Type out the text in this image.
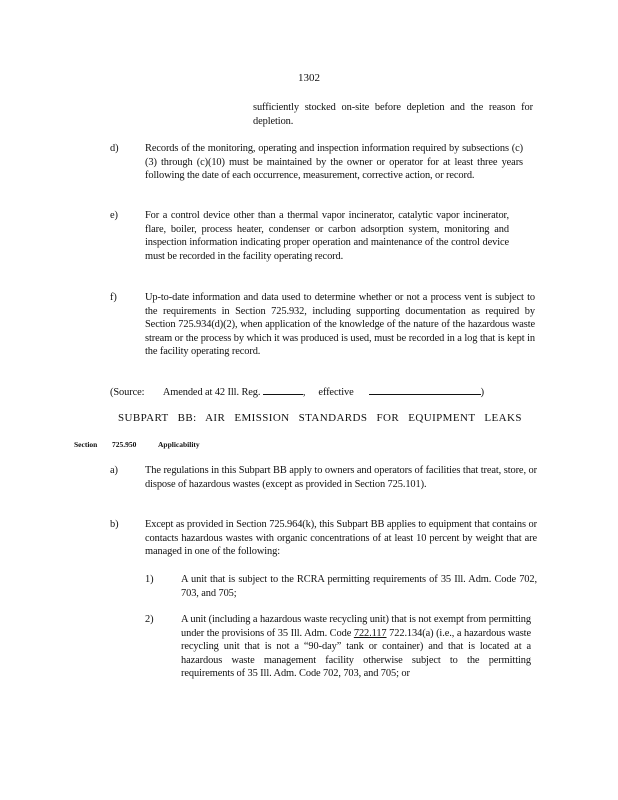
1302
sufficiently stocked on-site before depletion and the reason for depletion.
d)	Records of the monitoring, operating and inspection information required by subsections (c)(3) through (c)(10) must be maintained by the owner or operator for at least three years following the date of each occurrence, measurement, corrective action, or record.
e)	For a control device other than a thermal vapor incinerator, catalytic vapor incinerator, flare, boiler, process heater, condenser or carbon adsorption system, monitoring and inspection information indicating proper operation and maintenance of the control device must be recorded in the facility operating record.
f)	Up-to-date information and data used to determine whether or not a process vent is subject to the requirements in Section 725.932, including supporting documentation as required by Section 725.934(d)(2), when application of the knowledge of the nature of the hazardous waste stream or the process by which it was produced is used, must be recorded in a log that is kept in the facility operating record.
(Source: Amended at 42 Ill. Reg.	, effective	)
SUBPART BB: AIR EMISSION STANDARDS FOR EQUIPMENT LEAKS
Section 725.950	Applicability
a)	The regulations in this Subpart BB apply to owners and operators of facilities that treat, store, or dispose of hazardous wastes (except as provided in Section 725.101).
b)	Except as provided in Section 725.964(k), this Subpart BB applies to equipment that contains or contacts hazardous wastes with organic concentrations of at least 10 percent by weight that are managed in one of the following:
1)	A unit that is subject to the RCRA permitting requirements of 35 Ill. Adm. Code 702, 703, and 705;
2)	A unit (including a hazardous waste recycling unit) that is not exempt from permitting under the provisions of 35 Ill. Adm. Code 722.117 722.134(a) (i.e., a hazardous waste recycling unit that is not a “90-day” tank or container) and that is located at a hazardous waste management facility otherwise subject to the permitting requirements of 35 Ill. Adm. Code 702, 703, and 705; or
